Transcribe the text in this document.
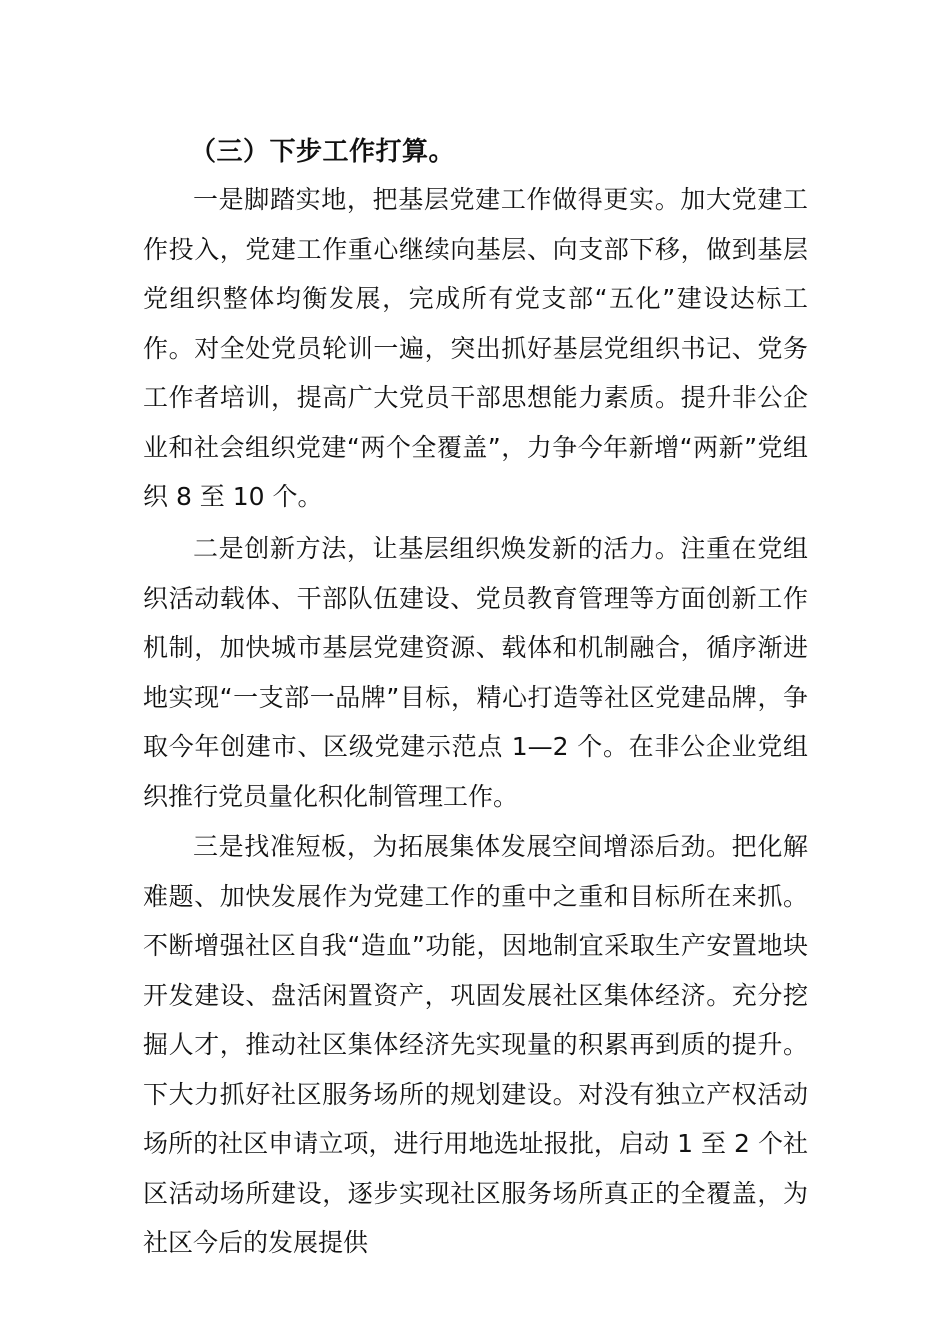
（三）下步工作打算。

一是脚踏实地，把基层党建工作做得更实。加大党建工作投入，党建工作重心继续向基层、向支部下移，做到基层党组织整体均衡发展，完成所有党支部“五化”建设达标工作。对全处党员轮训一遍，突出抓好基层党组织书记、党务工作者培训，提高广大党员干部思想能力素质。提升非公企业和社会组织党建“两个全覆盖”，力争今年新增“两新”党组织 8 至 10 个。

二是创新方法，让基层组织焕发新的活力。注重在党组织活动载体、干部队伍建设、党员教育管理等方面创新工作机制，加快城市基层党建资源、载体和机制融合，循序渐进地实现“一支部一品牌”目标，精心打造等社区党建品牌，争取今年创建市、区级党建示范点 1—2 个。在非公企业党组织推行党员量化积化制管理工作。

三是找准短板，为拓展集体发展空间增添后劲。把化解难题、加快发展作为党建工作的重中之重和目标所在来抓。不断增强社区自我“造血”功能，因地制宜采取生产安置地块开发建设、盘活闲置资产，巩固发展社区集体经济。充分挖掘人才，推动社区集体经济先实现量的积累再到质的提升。下大力抓好社区服务场所的规划建设。对没有独立产权活动场所的社区申请立项，进行用地选址报批，启动 1 至 2 个社区活动场所建设，逐步实现社区服务场所真正的全覆盖，为社区今后的发展提供
